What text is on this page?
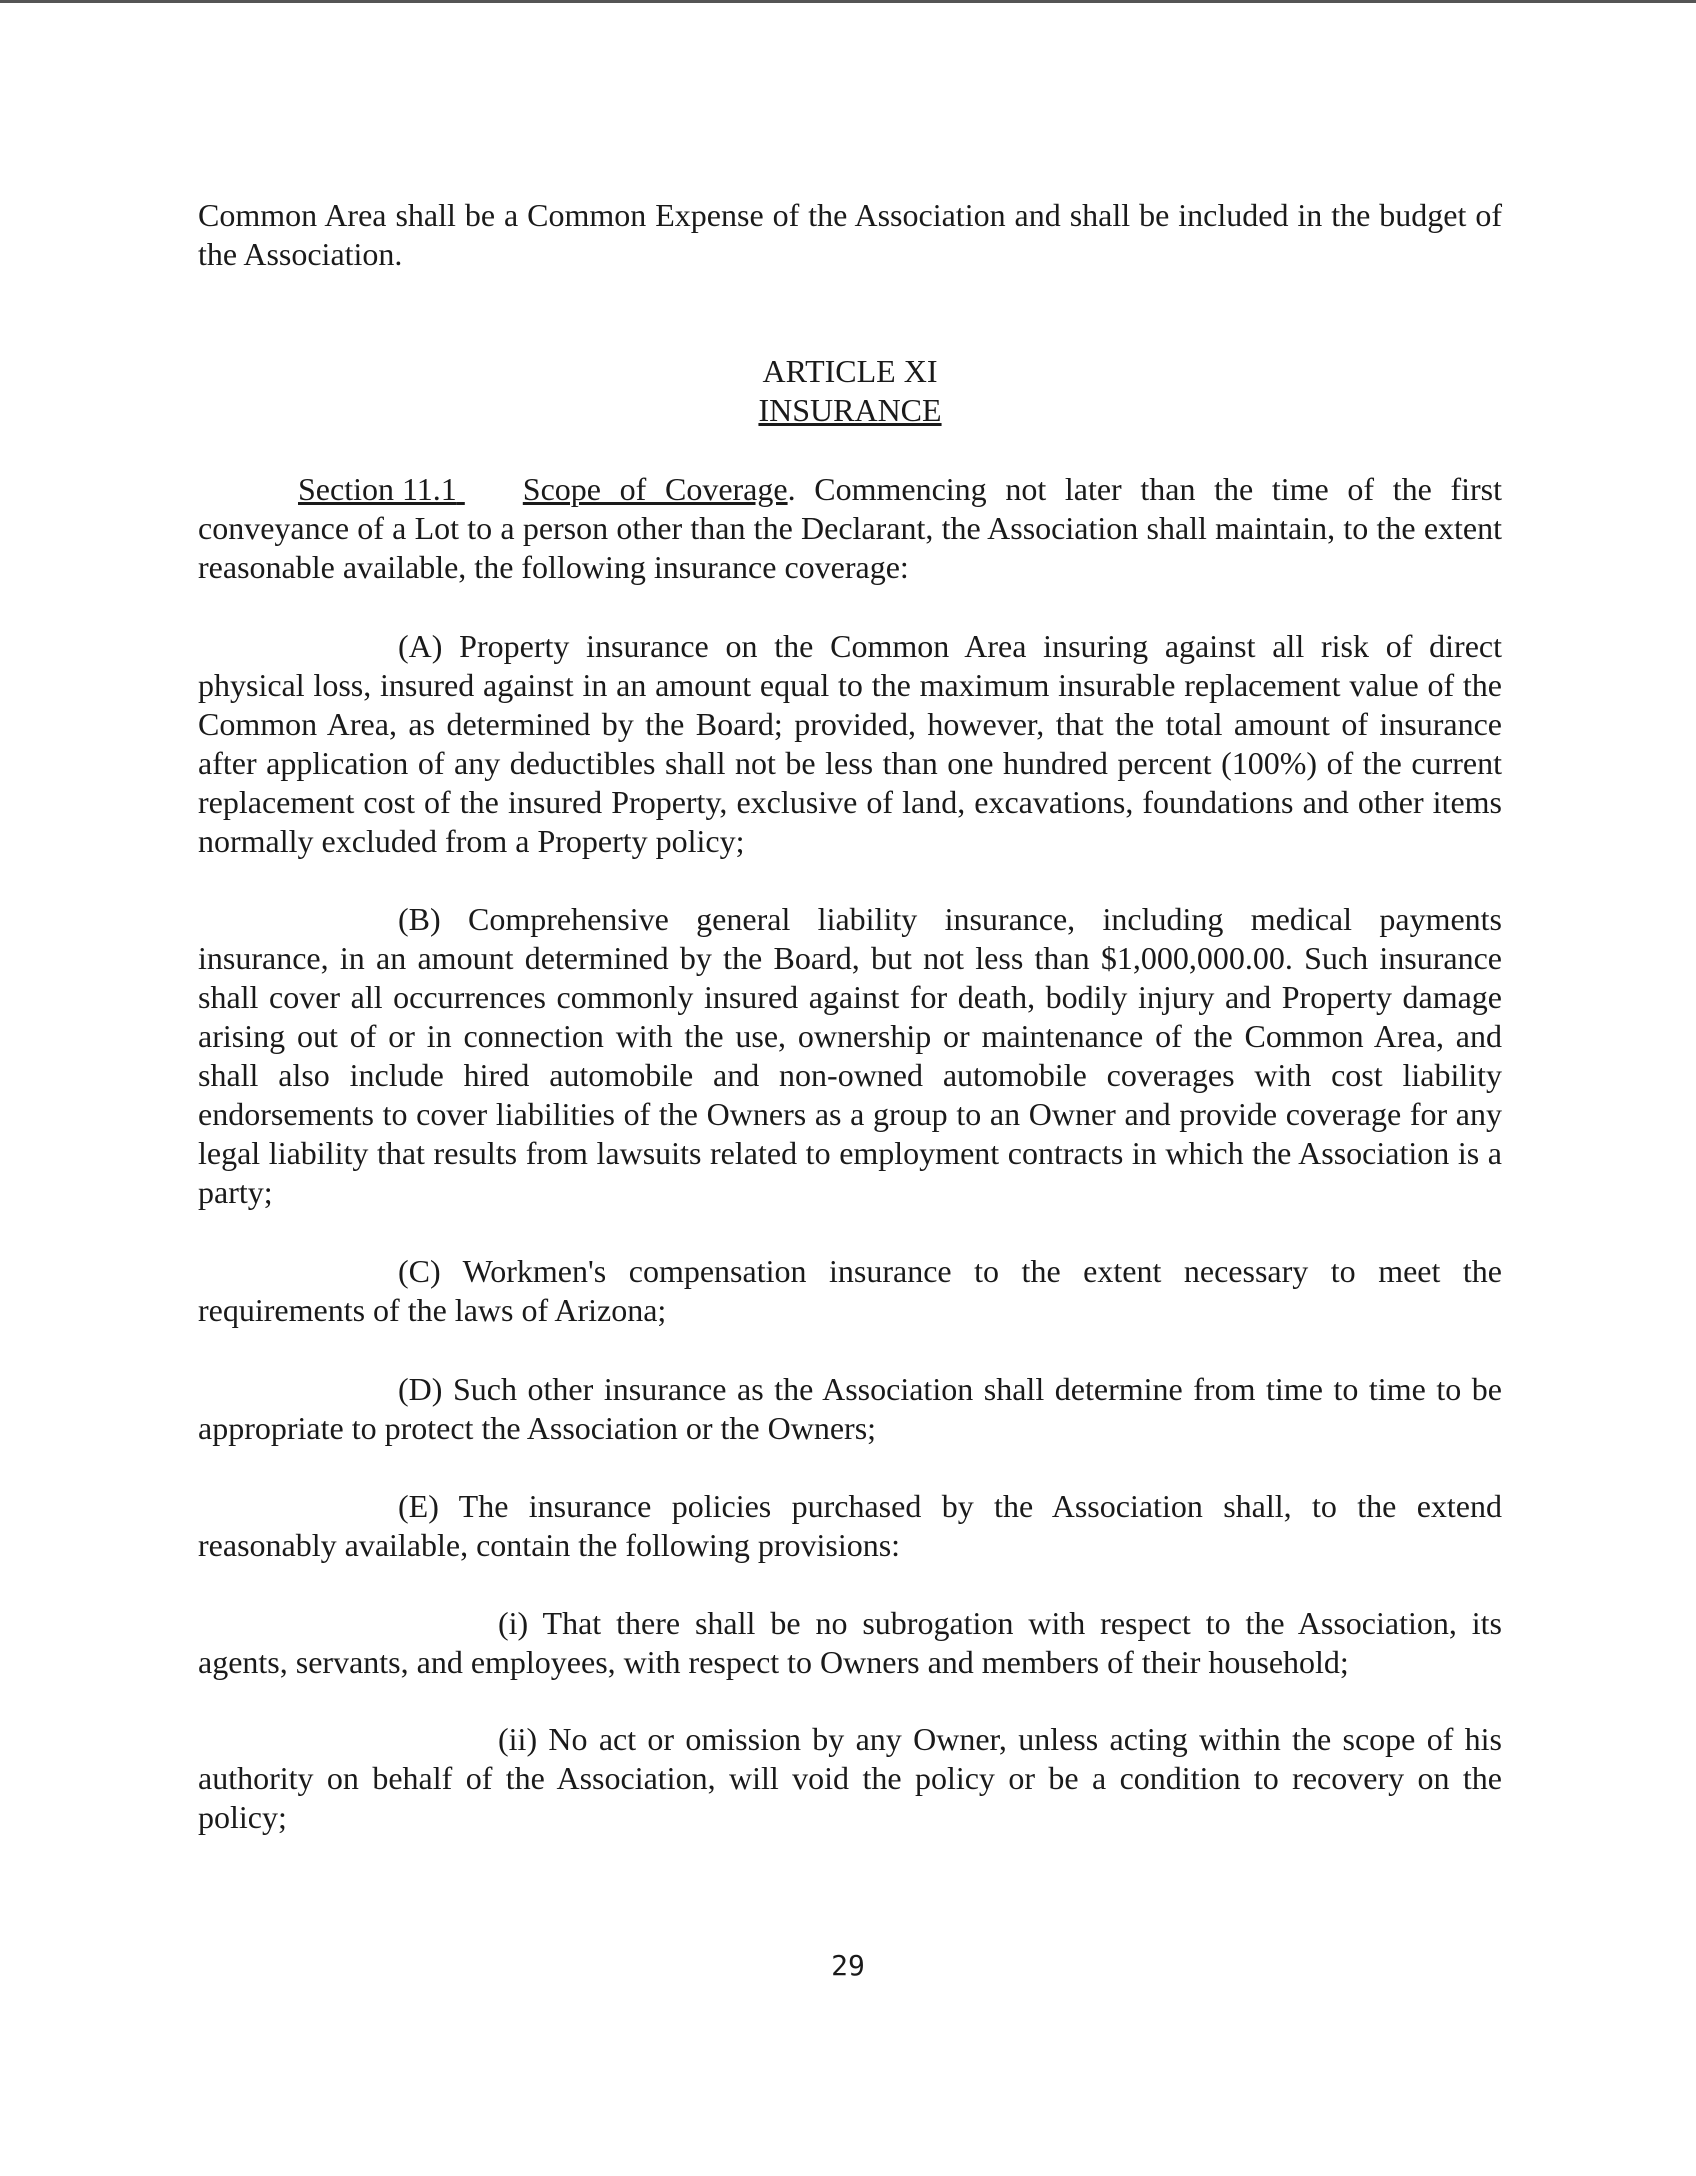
Common Area shall be a Common Expense of the Association and shall be included in the budget of the Association.

ARTICLE XI
INSURANCE

Section 11.1 Scope of Coverage. Commencing not later than the time of the first conveyance of a Lot to a person other than the Declarant, the Association shall maintain, to the extent reasonable available, the following insurance coverage:

(A) Property insurance on the Common Area insuring against all risk of direct physical loss, insured against in an amount equal to the maximum insurable replacement value of the Common Area, as determined by the Board; provided, however, that the total amount of insurance after application of any deductibles shall not be less than one hundred percent (100%) of the current replacement cost of the insured Property, exclusive of land, excavations, foundations and other items normally excluded from a Property policy;

(B) Comprehensive general liability insurance, including medical payments insurance, in an amount determined by the Board, but not less than $1,000,000.00. Such insurance shall cover all occurrences commonly insured against for death, bodily injury and Property damage arising out of or in connection with the use, ownership or maintenance of the Common Area, and shall also include hired automobile and non-owned automobile coverages with cost liability endorsements to cover liabilities of the Owners as a group to an Owner and provide coverage for any legal liability that results from lawsuits related to employment contracts in which the Association is a party;

(C) Workmen's compensation insurance to the extent necessary to meet the requirements of the laws of Arizona;

(D) Such other insurance as the Association shall determine from time to time to be appropriate to protect the Association or the Owners;

(E) The insurance policies purchased by the Association shall, to the extend reasonably available, contain the following provisions:

(i) That there shall be no subrogation with respect to the Association, its agents, servants, and employees, with respect to Owners and members of their household;

(ii) No act or omission by any Owner, unless acting within the scope of his authority on behalf of the Association, will void the policy or be a condition to recovery on the policy;

29
